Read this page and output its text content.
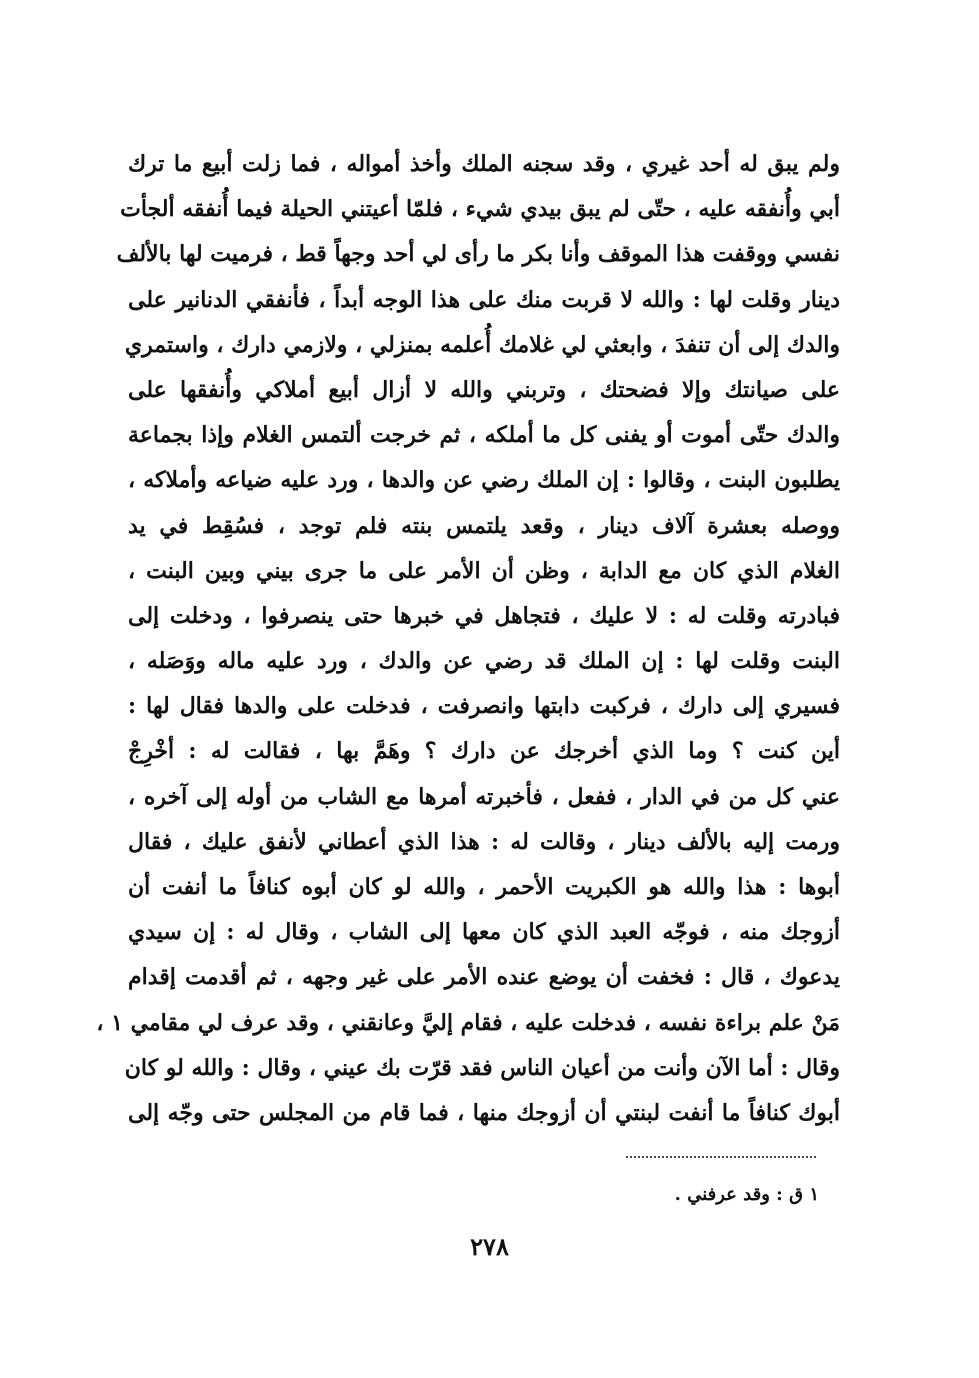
ولم يبق له أحد غيري ، وقد سجنه الملك وأخذ أمواله ، فما زلت أبيع ما ترك
أبي وأُنفقه عليه ، حتّى لم يبق بيدي شيء ، فلمّا أعيتني الحيلة فيما أُنفقه ألجأت
نفسي ووقفت هذا الموقف وأنا بكر ما رأى لي أحد وجهاً قط ، فرميت لها بالألف
دينار وقلت لها : والله لا قربت منك على هذا الوجه أبداً ، فأنفقي الدنانير على
والدك إلى أن تنفدَ ، وابعثي لي غلامك أُعلمه بمنزلي ، ولازمي دارك ، واستمري
على صيانتك وإلا فضحتك ، وتربني والله لا أزال أبيع أملاكي وأُنفقها على
والدك حتّى أموت أو يفنى كل ما أملكه ، ثم خرجت ألتمس الغلام وإذا بجماعة
يطلبون البنت ، وقالوا : إن الملك رضي عن والدها ، ورد عليه ضياعه وأملاكه ،
ووصله بعشرة آلاف دينار ، وقعد يلتمس بنته فلم توجد ، فسُقِط في يد
الغلام الذي كان مع الدابة ، وظن أن الأمر على ما جرى بيني وبين البنت ،
فبادرته وقلت له : لا عليك ، فتجاهل في خبرها حتى ينصرفوا ، ودخلت إلى
البنت وقلت لها : إن الملك قد رضي عن والدك ، ورد عليه ماله ووَصَله ،
فسيري إلى دارك ، فركبت دابتها وانصرفت ، فدخلت على والدها فقال لها :
أين كنت ؟ وما الذي أخرجك عن دارك ؟ وهَمَّ بها ، فقالت له : أخْرِجْ
عني كل من في الدار ، ففعل ، فأخبرته أمرها مع الشاب من أوله إلى آخره ،
ورمت إليه بالألف دينار ، وقالت له : هذا الذي أعطاني لأنفق عليك ، فقال
أبوها : هذا والله هو الكبريت الأحمر ، والله لو كان أبوه كنافاً ما أنفت أن
أزوجك منه ، فوجّه العبد الذي كان معها إلى الشاب ، وقال له : إن سيدي
يدعوك ، قال : فخفت أن يوضع عنده الأمر على غير وجهه ، ثم أقدمت إقدام
مَنْ علم براءة نفسه ، فدخلت عليه ، فقام إليَّ وعانقني ، وقد عرف لي مقامي ١ ،
وقال : أما الآن وأنت من أعيان الناس فقد قرّت بك عيني ، وقال : والله لو كان
أبوك كنافاً ما أنفت لبنتي أن أزوجك منها ، فما قام من المجلس حتى وجّه إلى
١ ق : وقد عرفني .
٢٧٨
